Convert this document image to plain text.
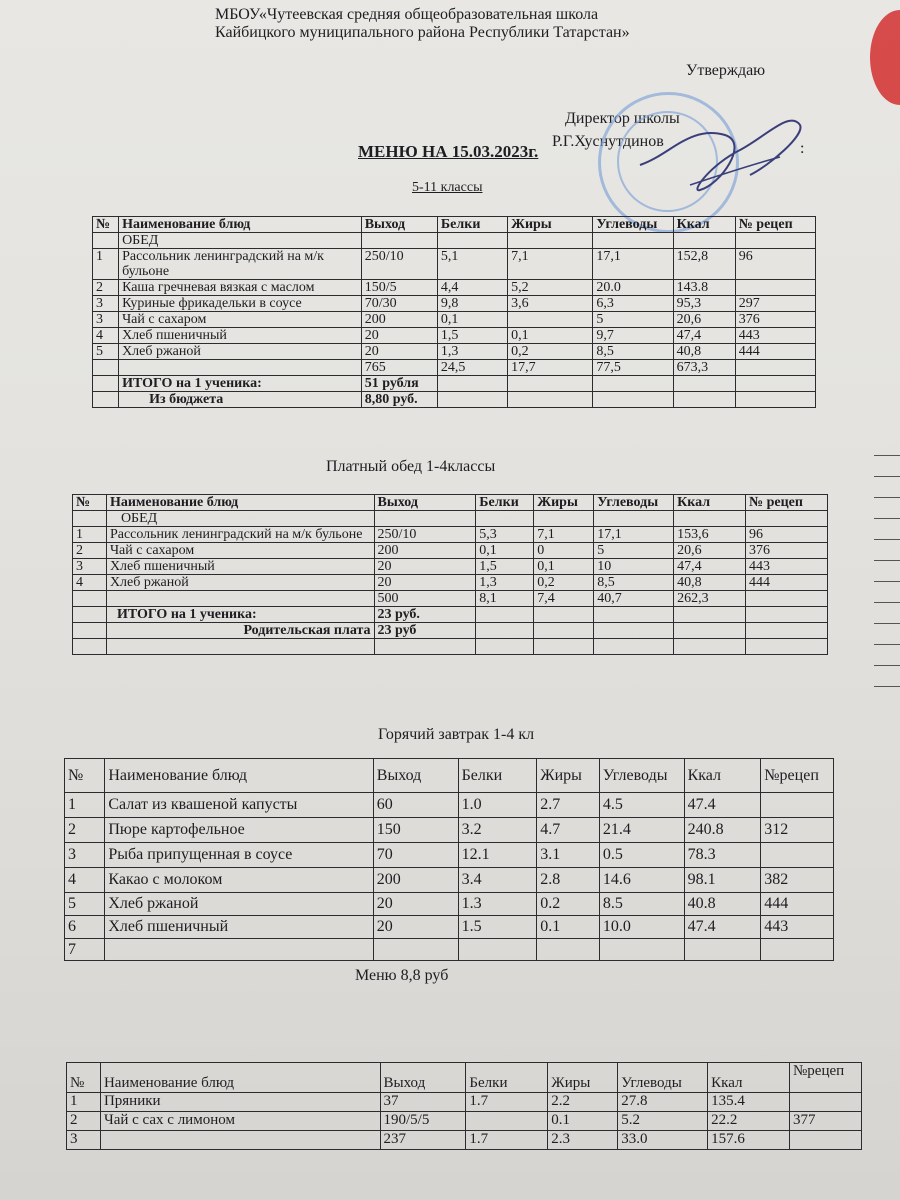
МБОУ«Чутеевская средняя общеобразовательная школа
Кайбицкого муниципального района Республики Татарстан»
Утверждаю
Директор школы
Р.Г.Хуснутдинов	:
МЕНЮ НА 15.03.2023г.
5-11 классы
№	Наименование блюд	Выход	Белки	Жиры	Углеводы	Ккал	№ рецеп
	ОБЕД						
1	Рассольник ленинградский на м/к бульоне	250/10	5,1	7,1	17,1	152,8	96
2	Каша гречневая вязкая с маслом	150/5	4,4	5,2	20.0	143.8	
3	Куриные фрикадельки в соусе	70/30	9,8	3,6	6,3	95,3	297
3	Чай с сахаром	200	0,1		5	20,6	376
4	Хлеб пшеничный	20	1,5	0,1	9,7	47,4	443
5	Хлеб ржаной	20	1,3	0,2	8,5	40,8	444
		765	24,5	17,7	77,5	673,3	
	ИТОГО на 1 ученика:	51 рубля					
	Из бюджета	8,80 руб.					
Платный обед 1-4классы
№	Наименование блюд	Выход	Белки	Жиры	Углеводы	Ккал	№ рецеп
	ОБЕД						
1	Рассольник ленинградский на м/к бульоне	250/10	5,3	7,1	17,1	153,6	96
2	Чай с сахаром	200	0,1	0	5	20,6	376
3	Хлеб пшеничный	20	1,5	0,1	10	47,4	443
4	Хлеб ржаной	20	1,3	0,2	8,5	40,8	444
		500	8,1	7,4	40,7	262,3	
	ИТОГО на 1 ученика:	23 руб.					
	Родительская плата	23 руб					

Горячий завтрак 1-4 кл
№	Наименование блюд	Выход	Белки	Жиры	Углеводы	Ккал	№рецеп
1	Салат из квашеной капусты	60	1.0	2.7	4.5	47.4	
2	Пюре картофельное	150	3.2	4.7	21.4	240.8	312
3	Рыба припущенная в соусе	70	12.1	3.1	0.5	78.3	
4	Какао с молоком	200	3.4	2.8	14.6	98.1	382
5	Хлеб ржаной	20	1.3	0.2	8.5	40.8	444
6	Хлеб пшеничный	20	1.5	0.1	10.0	47.4	443
7							
Меню 8,8 руб
№	Наименование блюд	Выход	Белки	Жиры	Углеводы	Ккал	№рецеп
1	Пряники	37	1.7	2.2	27.8	135.4	
2	Чай с сах с лимоном	190/5/5		0.1	5.2	22.2	377
3		237	1.7	2.3	33.0	157.6	
